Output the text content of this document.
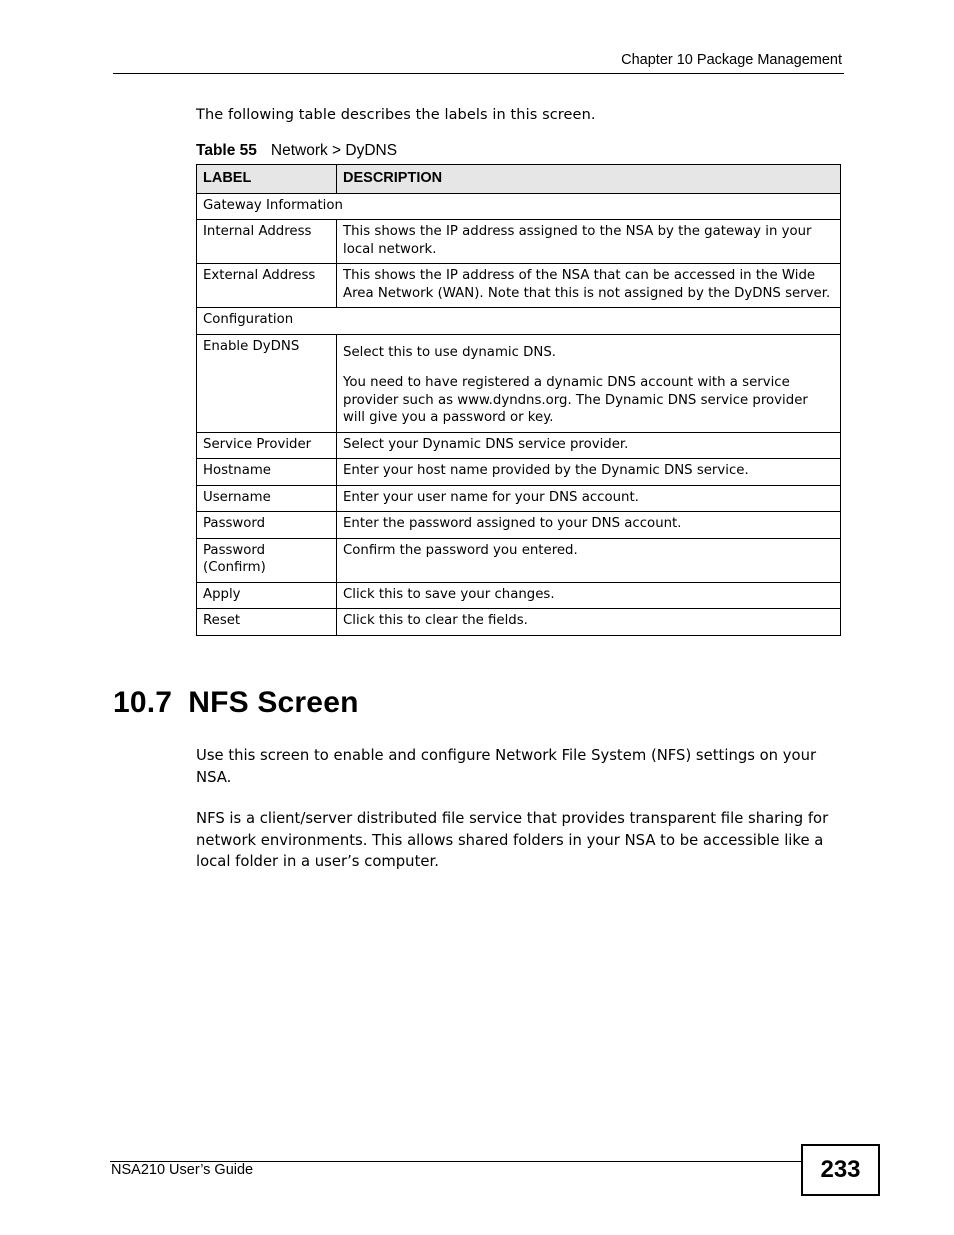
Chapter 10 Package Management
The following table describes the labels in this screen.
Table 55 Network > DyDNS
LABEL	DESCRIPTION
Gateway Information	
Internal Address	This shows the IP address assigned to the NSA by the gateway in your local network.
External Address	This shows the IP address of the NSA that can be accessed in the Wide Area Network (WAN). Note that this is not assigned by the DyDNS server.
Configuration	
Enable DyDNS	Select this to use dynamic DNS.
You need to have registered a dynamic DNS account with a service provider such as www.dyndns.org. The Dynamic DNS service provider will give you a password or key.

Service Provider	Select your Dynamic DNS service provider.
Hostname	Enter your host name provided by the Dynamic DNS service.
Username	Enter your user name for your DNS account.
Password	Enter the password assigned to your DNS account.
Password (Confirm)	Confirm the password you entered.
Apply	Click this to save your changes.
Reset	Click this to clear the fields.
10.7 NFS Screen
Use this screen to enable and configure Network File System (NFS) settings on your NSA.
NFS is a client/server distributed file service that provides transparent file sharing for network environments. This allows shared folders in your NSA to be accessible like a local folder in a user’s computer.
NSA210 User’s Guide	233
